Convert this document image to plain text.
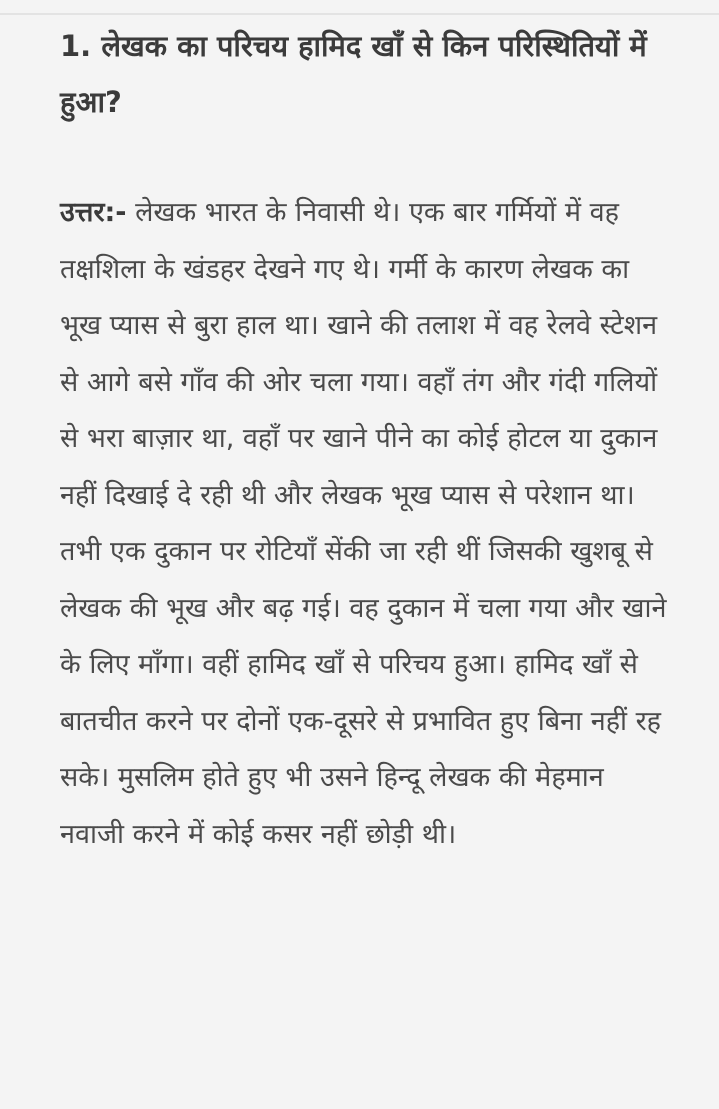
1. लेखक का परिचय हामिद खाँ से किन परिस्थितियों में हुआ?

उत्तर:- लेखक भारत के निवासी थे। एक बार गर्मियों में वह तक्षशिला के खंडहर देखने गए थे। गर्मी के कारण लेखक का भूख प्यास से बुरा हाल था। खाने की तलाश में वह रेलवे स्टेशन से आगे बसे गाँव की ओर चला गया। वहाँ तंग और गंदी गलियों से भरा बाज़ार था, वहाँ पर खाने पीने का कोई होटल या दुकान नहीं दिखाई दे रही थी और लेखक भूख प्यास से परेशान था। तभी एक दुकान पर रोटियाँ सेंकी जा रही थीं जिसकी खुशबू से लेखक की भूख और बढ़ गई। वह दुकान में चला गया और खाने के लिए माँगा। वहीं हामिद खाँ से परिचय हुआ। हामिद खाँ से बातचीत करने पर दोनों एक-दूसरे से प्रभावित हुए बिना नहीं रह सके। मुसलिम होते हुए भी उसने हिन्दू लेखक की मेहमान नवाजी करने में कोई कसर नहीं छोड़ी थी।
